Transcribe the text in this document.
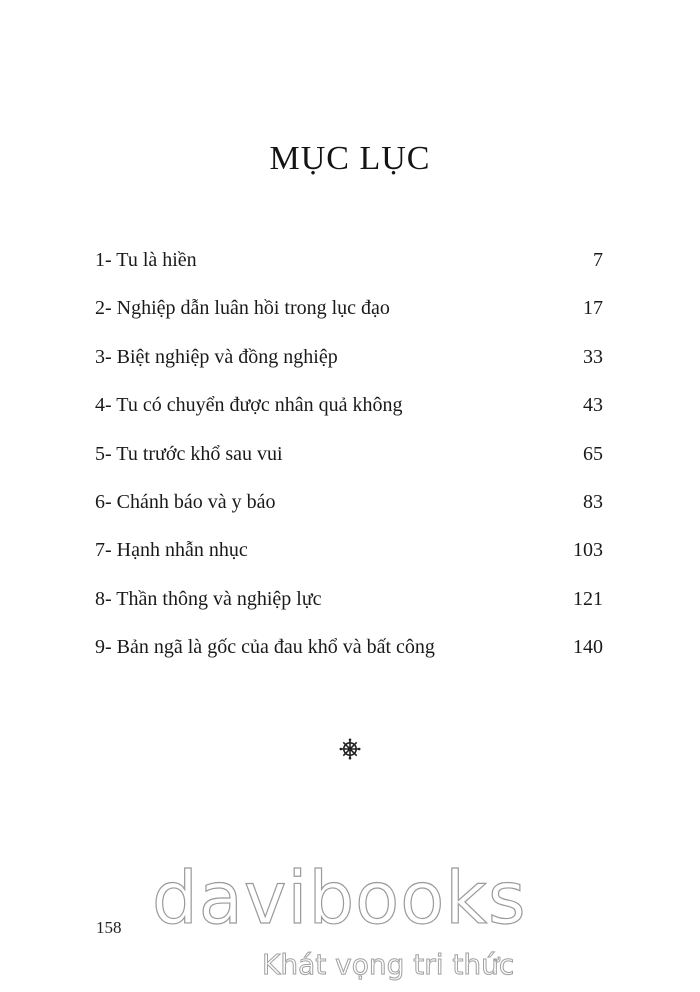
MỤC LỤC
1- Tu là hiền	7
2- Nghiệp dẫn luân hồi trong lục đạo	17
3- Biệt nghiệp và đồng nghiệp	33
4- Tu có chuyển được nhân quả không	43
5- Tu trước khổ sau vui	65
6- Chánh báo và y báo	83
7- Hạnh nhẫn nhục	103
8- Thần thông và nghiệp lực	121
9- Bản ngã là gốc của đau khổ và bất công	140
158 davibooks
Khát vọng tri thức
